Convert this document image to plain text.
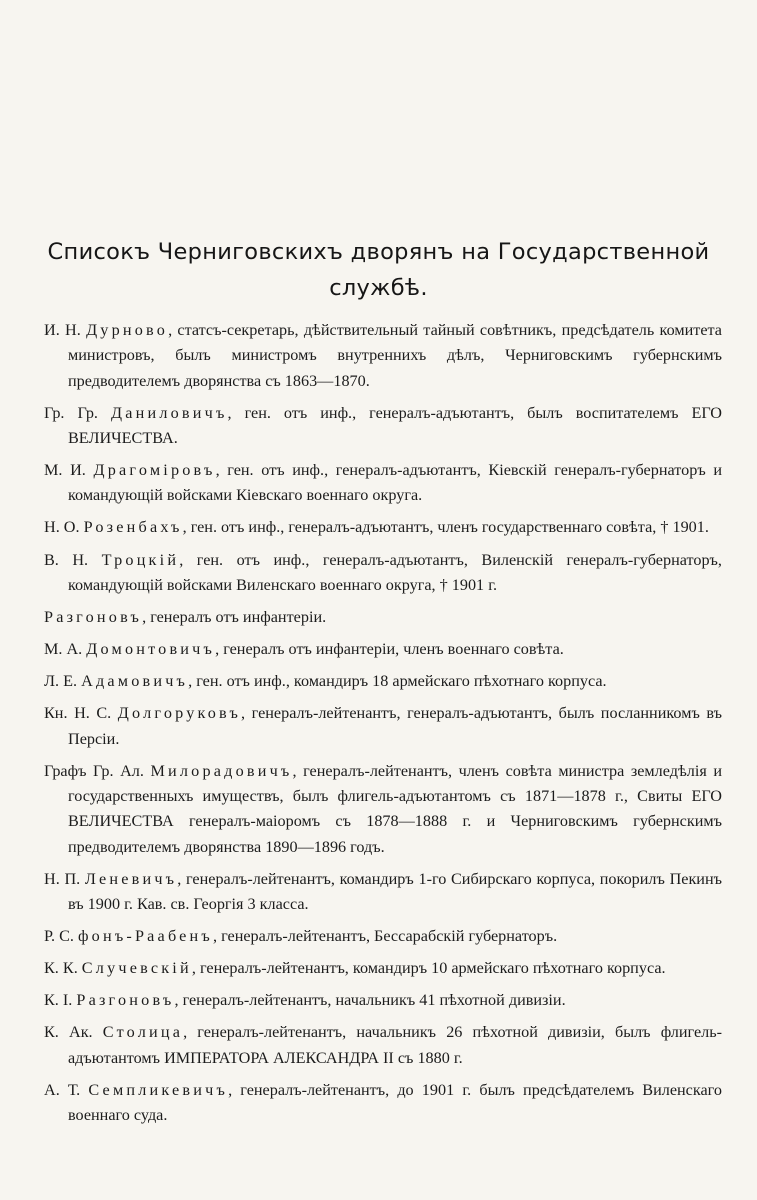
Списокъ Черниговскихъ дворянъ на Государственной
службѣ.

И. Н. Дурново, статсъ-секретарь, дѣйствительный тайный совѣтникъ, предсѣдатель комитета министровъ, былъ министромъ внутреннихъ дѣлъ, Черниговскимъ губернскимъ предводителемъ дворянства съ 1863—1870.

Гр. Гр. Даниловичъ, ген. отъ инф., генералъ-адъютантъ, былъ воспитателемъ ЕГО ВЕЛИЧЕСТВА.

М. И. Драгоміровъ, ген. отъ инф., генералъ-адъютантъ, Кіевскій генералъ-губернаторъ и командующій войсками Кіевскаго военнаго округа.

Н. О. Розенбахъ, ген. отъ инф., генералъ-адъютантъ, членъ государственнаго совѣта, † 1901.

В. Н. Троцкій, ген. отъ инф., генералъ-адъютантъ, Виленскій генералъ-губернаторъ, командующій войсками Виленскаго военнаго округа, † 1901 г.

Разгоновъ, генералъ отъ инфантеріи.

М. А. Домонтовичъ, генералъ отъ инфантеріи, членъ военнаго совѣта.

Л. Е. Адамовичъ, ген. отъ инф., командиръ 18 армейскаго пѣхотнаго корпуса.

Кн. Н. С. Долгоруковъ, генералъ-лейтенантъ, генералъ-адъютантъ, былъ посланникомъ въ Персіи.

Графъ Гр. Ал. Милорадовичъ, генералъ-лейтенантъ, членъ совѣта министра земледѣлія и государственныхъ имуществъ, былъ флигель-адъютантомъ съ 1871—1878 г., Свиты ЕГО ВЕЛИЧЕСТВА генералъ-маіоромъ съ 1878—1888 г. и Черниговскимъ губернскимъ предводителемъ дворянства 1890—1896 годъ.

Н. П. Леневичъ, генералъ-лейтенантъ, командиръ 1-го Сибирскаго корпуса, покорилъ Пекинъ въ 1900 г. Кав. св. Георгія 3 класса.

Р. С. фонъ-Раабенъ, генералъ-лейтенантъ, Бессарабскій губернаторъ.

К. К. Случевскій, генералъ-лейтенантъ, командиръ 10 армейскаго пѣхотнаго корпуса.

К. І. Разгоновъ, генералъ-лейтенантъ, начальникъ 41 пѣхотной дивизіи.

К. Ак. Столица, генералъ-лейтенантъ, начальникъ 26 пѣхотной дивизіи, былъ флигель-адъютантомъ ИМПЕРАТОРА АЛЕКСАНДРА II съ 1880 г.

А. Т. Семпликевичъ, генералъ-лейтенантъ, до 1901 г. былъ предсѣдателемъ Виленскаго военнаго суда.
